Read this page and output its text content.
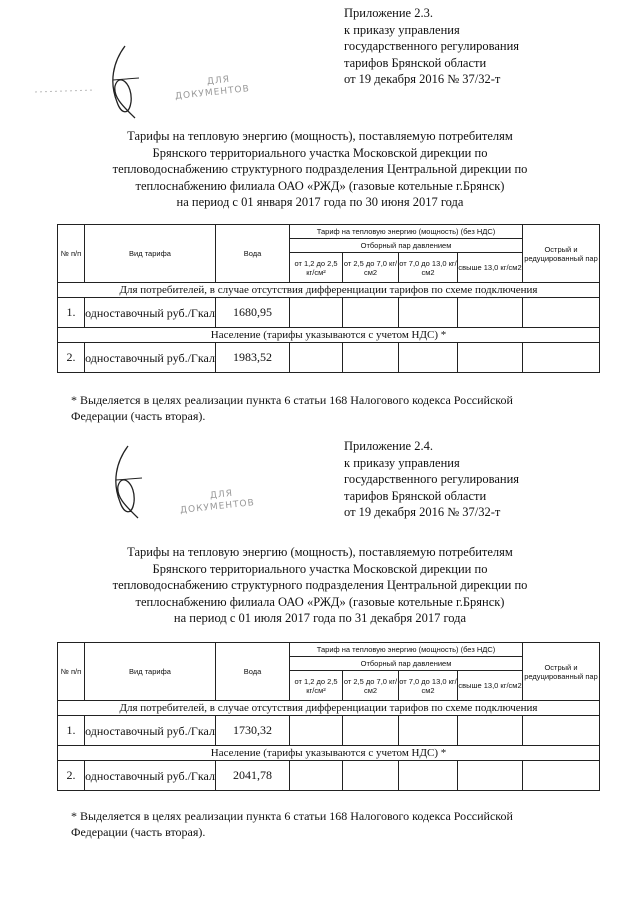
Приложение 2.3.
к приказу управления
государственного регулирования
тарифов Брянской области
от 19 декабря 2016 № 37/32-т
ДЛЯ
ДОКУМЕНТОВ
Тарифы на тепловую энергию (мощность), поставляемую потребителям
Брянского территориального участка Московской дирекции по
тепловодоснабжению структурного подразделения Центральной дирекции по
теплоснабжению филиала ОАО «РЖД» (газовые котельные г.Брянск)
на период с 01 января 2017 года по 30 июня 2017 года
№ п/п	Вид тарифа	Вода	Тариф на тепловую энергию (мощность) (без НДС)				Острый и редуцированный пар
			Отборный пар давлением				
			от 1,2 до 2,5 кг/см²	от 2,5 до 7,0 кг/см2	от 7,0 до 13,0 кг/см2	свыше 13,0 кг/см2	
Для потребителей, в случае отсутствия дифференциации тарифов по схеме подключения							
1.	одноставочный руб./Гкал	1680,95					
Население (тарифы указываются с учетом НДС) *							
2.	одноставочный руб./Гкал	1983,52					
* Выделяется в целях реализации пункта 6 статьи 168 Налогового кодекса Российской
Федерации (часть вторая).
Приложение 2.4.
к приказу управления
государственного регулирования
тарифов Брянской области
от 19 декабря 2016 № 37/32-т
ДЛЯ
ДОКУМЕНТОВ
Тарифы на тепловую энергию (мощность), поставляемую потребителям
Брянского территориального участка Московской дирекции по
тепловодоснабжению структурного подразделения Центральной дирекции по
теплоснабжению филиала ОАО «РЖД» (газовые котельные г.Брянск)
на период с 01 июля 2017 года по 31 декабря 2017 года
№ п/п	Вид тарифа	Вода	Тариф на тепловую энергию (мощность) (без НДС)				Острый и редуцированный пар
			Отборный пар давлением				
			от 1,2 до 2,5 кг/см²	от 2,5 до 7,0 кг/см2	от 7,0 до 13,0 кг/см2	свыше 13,0 кг/см2	
Для потребителей, в случае отсутствия дифференциации тарифов по схеме подключения							
1.	одноставочный руб./Гкал	1730,32					
Население (тарифы указываются с учетом НДС) *							
2.	одноставочный руб./Гкал	2041,78					
* Выделяется в целях реализации пункта 6 статьи 168 Налогового кодекса Российской
Федерации (часть вторая).
